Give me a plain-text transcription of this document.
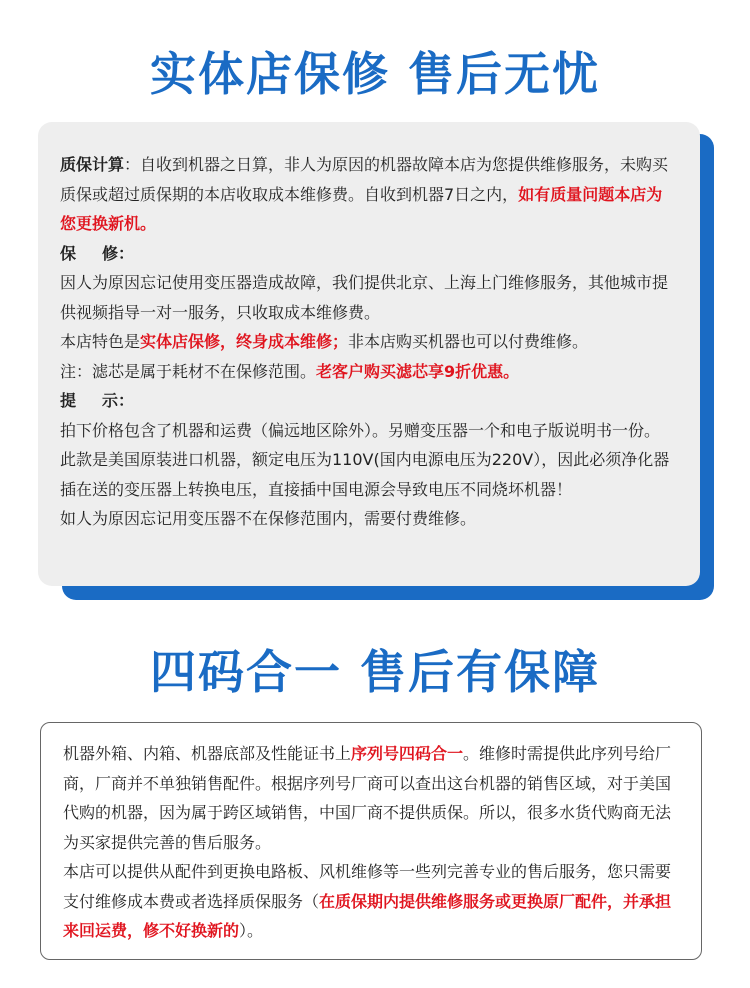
实体店保修 售后无忧

质保计算：自收到机器之日算，非人为原因的机器故障本店为您提供维修服务，未购买质保或超过质保期的本店收取成本维修费。自收到机器7日之内，如有质量问题本店为您更换新机。

保修：

因人为原因忘记使用变压器造成故障，我们提供北京、上海上门维修服务，其他城市提供视频指导一对一服务，只收取成本维修费。

本店特色是实体店保修，终身成本维修；非本店购买机器也可以付费维修。

注：滤芯是属于耗材不在保修范围。老客户购买滤芯享9折优惠。

提示：

拍下价格包含了机器和运费（偏远地区除外）。另赠变压器一个和电子版说明书一份。

此款是美国原装进口机器，额定电压为110V(国内电源电压为220V），因此必须净化器插在送的变压器上转换电压，直接插中国电源会导致电压不同烧坏机器！

如人为原因忘记用变压器不在保修范围内，需要付费维修。

四码合一 售后有保障

机器外箱、内箱、机器底部及性能证书上序列号四码合一。维修时需提供此序列号给厂商，厂商并不单独销售配件。根据序列号厂商可以查出这台机器的销售区域，对于美国代购的机器，因为属于跨区域销售，中国厂商不提供质保。所以，很多水货代购商无法为买家提供完善的售后服务。

本店可以提供从配件到更换电路板、风机维修等一些列完善专业的售后服务，您只需要支付维修成本费或者选择质保服务（在质保期内提供维修服务或更换原厂配件，并承担来回运费，修不好换新的）。
